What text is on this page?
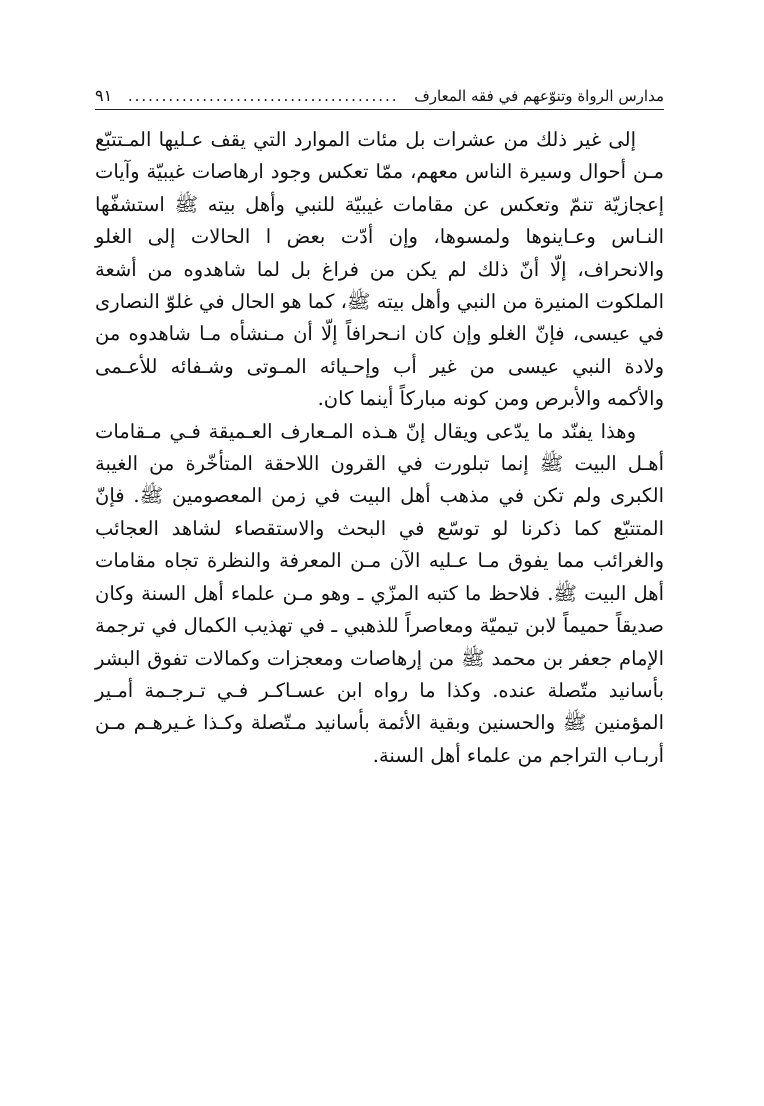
مدارس الرواة وتنوّعهم في فقه المعارف
........................................
٩١

إلى غير ذلك من عشرات بل مئات الموارد التي يقف عـليها المـتتبّع مـن أحوال وسيرة الناس معهم، ممّا تعكس وجود ارهاصات غيبيّة وآيات إعجازيّة تنمّ وتعكس عن مقامات غيبيّة للنبي وأهل بيته ﷺ استشفّها النـاس وعـاينوها ولمسوها، وإن أدّت بعض ا الحالات إلى الغلو والانحراف، إلّا أنّ ذلك لم يكن من فراغ بل لما شاهدوه من أشعة الملكوت المنيرة من النبي وأهل بيته ﷺ، كما هو الحال في غلوّ النصارى في عيسى، فإنّ الغلو وإن كان انـحرافاً إلّا أن مـنشأه مـا شاهدوه من ولادة النبي عيسى من غير أب وإحـيائه المـوتى وشـفائه للأعـمى والأكمه والأبرص ومن كونه مباركاً أينما كان.

وهذا يفنّد ما يدّعى ويقال إنّ هـذه المـعارف العـميقة فـي مـقامات أهـل البيت ﷺ إنما تبلورت في القرون اللاحقة المتأخّرة من الغيبة الكبرى ولم تكن في مذهب أهل البيت في زمن المعصومين ﷺ. فإنّ المتتبّع كما ذكرنا لو توسّع في البحث والاستقصاء لشاهد العجائب والغرائب مما يفوق مـا عـليه الآن مـن المعرفة والنظرة تجاه مقامات أهل البيت ﷺ. فلاحظ ما كتبه المزّي ـ وهو مـن علماء أهل السنة وكان صديقاً حميماً لابن تيميّة ومعاصراً للذهبي ـ في تهذيب الكمال في ترجمة الإمام جعفر بن محمد ﷺ من إرهاصات ومعجزات وكمالات تفوق البشر بأسانيد متّصلة عنده. وكذا ما رواه ابن عسـاكـر فـي تـرجـمة أمـير المؤمنين ﷺ والحسنين وبقية الأئمة بأسانيد مـتّصلة وكـذا غـيرهـم مـن أربـاب التراجم من علماء أهل السنة.
